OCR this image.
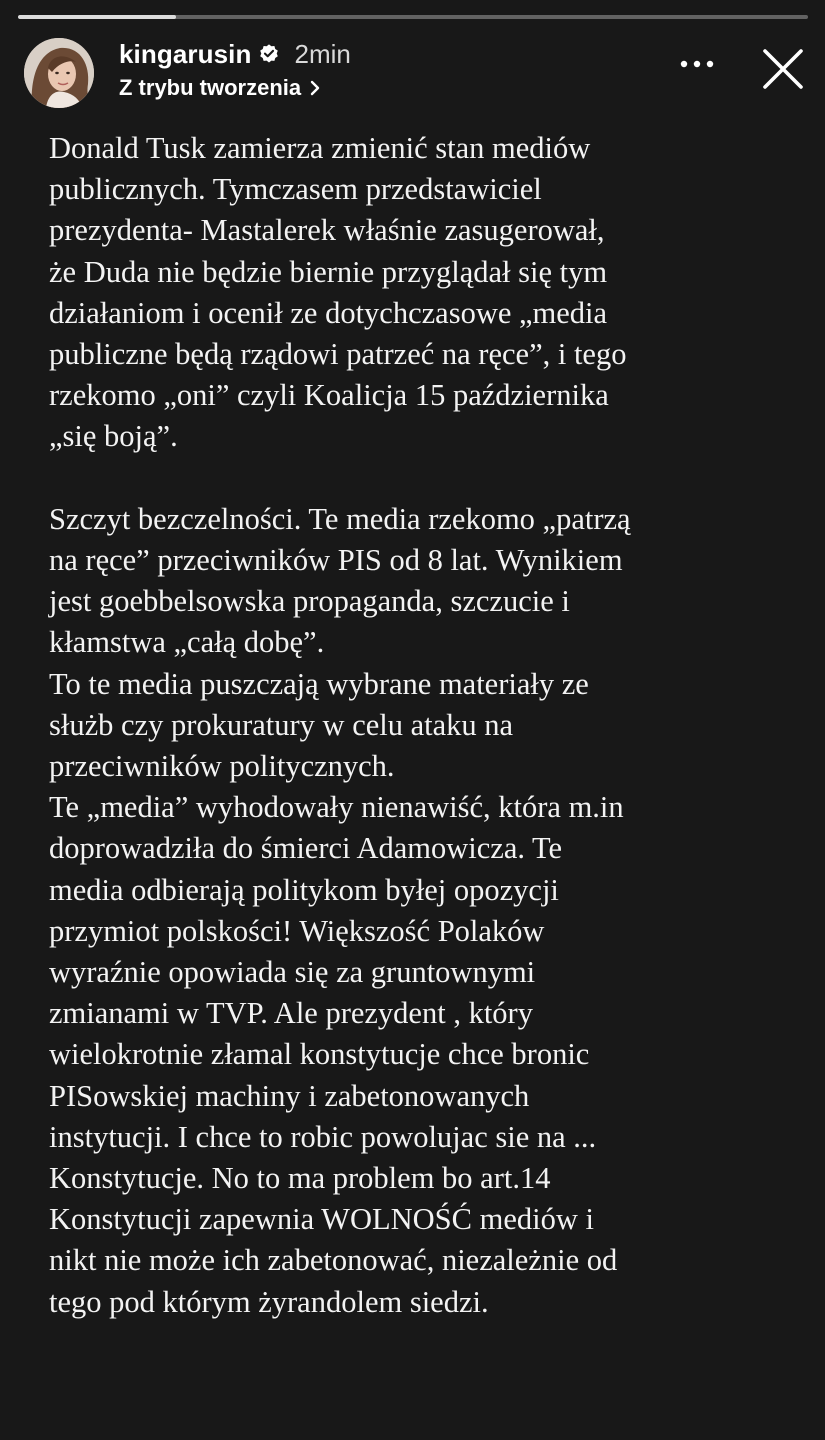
kingarusin 2min
Z trybu tworzenia

Donald Tusk zamierza zmienić stan mediów

publicznych. Tymczasem przedstawiciel

prezydenta- Mastalerek właśnie zasugerował,

że Duda nie będzie biernie przyglądał się tym

działaniom i ocenił ze dotychczasowe „media

publiczne będą rządowi patrzeć na ręce”, i tego

rzekomo „oni” czyli Koalicja 15 października

„się boją”.

Szczyt bezczelności. Te media rzekomo „patrzą

na ręce” przeciwników PIS od 8 lat. Wynikiem

jest goebbelsowska propaganda, szczucie i

kłamstwa „całą dobę”.

To te media puszczają wybrane materiały ze

służb czy prokuratury w celu ataku na

przeciwników politycznych.

Te „media” wyhodowały nienawiść, która m.in

doprowadziła do śmierci Adamowicza. Te

media odbierają politykom byłej opozycji

przymiot polskości! Większość Polaków

wyraźnie opowiada się za gruntownymi

zmianami w TVP. Ale prezydent , który

wielokrotnie złamal konstytucje chce bronic

PISowskiej machiny i zabetonowanych

instytucji. I chce to robic powolujac sie na ...

Konstytucje. No to ma problem bo art.14

Konstytucji zapewnia WOLNOŚĆ mediów i

nikt nie może ich zabetonować, niezależnie od

tego pod którym żyrandolem siedzi.
